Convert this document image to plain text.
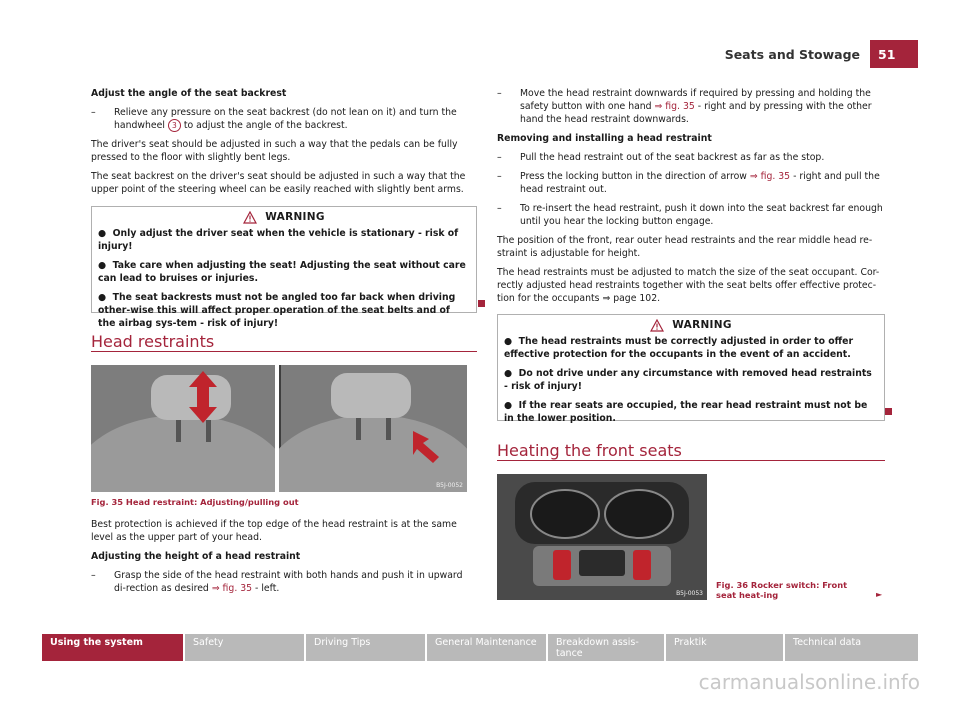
Seats and Stowage	51

Adjust the angle of the seat backrest

–	Relieve any pressure on the seat backrest (do not lean on it) and turn the handwheel 3 to adjust the angle of the backrest.

The driver's seat should be adjusted in such a way that the pedals can be fully pressed to the floor with slightly bent legs.

The seat backrest on the driver's seat should be adjusted in such a way that the upper point of the steering wheel can be easily reached with slightly bent arms.

WARNING
● Only adjust the driver seat when the vehicle is stationary - risk of injury!
● Take care when adjusting the seat! Adjusting the seat without care can lead to bruises or injuries.
● The seat backrests must not be angled too far back when driving other-wise this will affect proper operation of the seat belts and of the airbag sys-tem - risk of injury!
Head restraints
B5J-0052
Fig. 35 Head restraint: Adjusting/pulling out

Best protection is achieved if the top edge of the head restraint is at the same level as the upper part of your head.

Adjusting the height of a head restraint

–	Grasp the side of the head restraint with both hands and push it in upward di-rection as desired ⇒ fig. 35 - left.
–	Move the head restraint downwards if required by pressing and holding the safety button with one hand ⇒ fig. 35 - right and by pressing with the other hand the head restraint downwards.

Removing and installing a head restraint

–	Pull the head restraint out of the seat backrest as far as the stop.
–	Press the locking button in the direction of arrow ⇒ fig. 35 - right and pull the head restraint out.
–	To re-insert the head restraint, push it down into the seat backrest far enough until you hear the locking button engage.

The position of the front, rear outer head restraints and the rear middle head re-straint is adjustable for height.

The head restraints must be adjusted to match the size of the seat occupant. Cor-rectly adjusted head restraints together with the seat belts offer effective protec-tion for the occupants ⇒ page 102.

WARNING
● The head restraints must be correctly adjusted in order to offer effective protection for the occupants in the event of an accident.
● Do not drive under any circumstance with removed head restraints - risk of injury!
● If the rear seats are occupied, the rear head restraint must not be in the lower position.
Heating the front seats
B5J-0053
Fig. 36 Rocker switch: Front seat heat-ing	►
Using the system	Safety	Driving Tips	General Maintenance	Breakdown assis-tance
Praktik	Technical data
carmanualsonline.info
